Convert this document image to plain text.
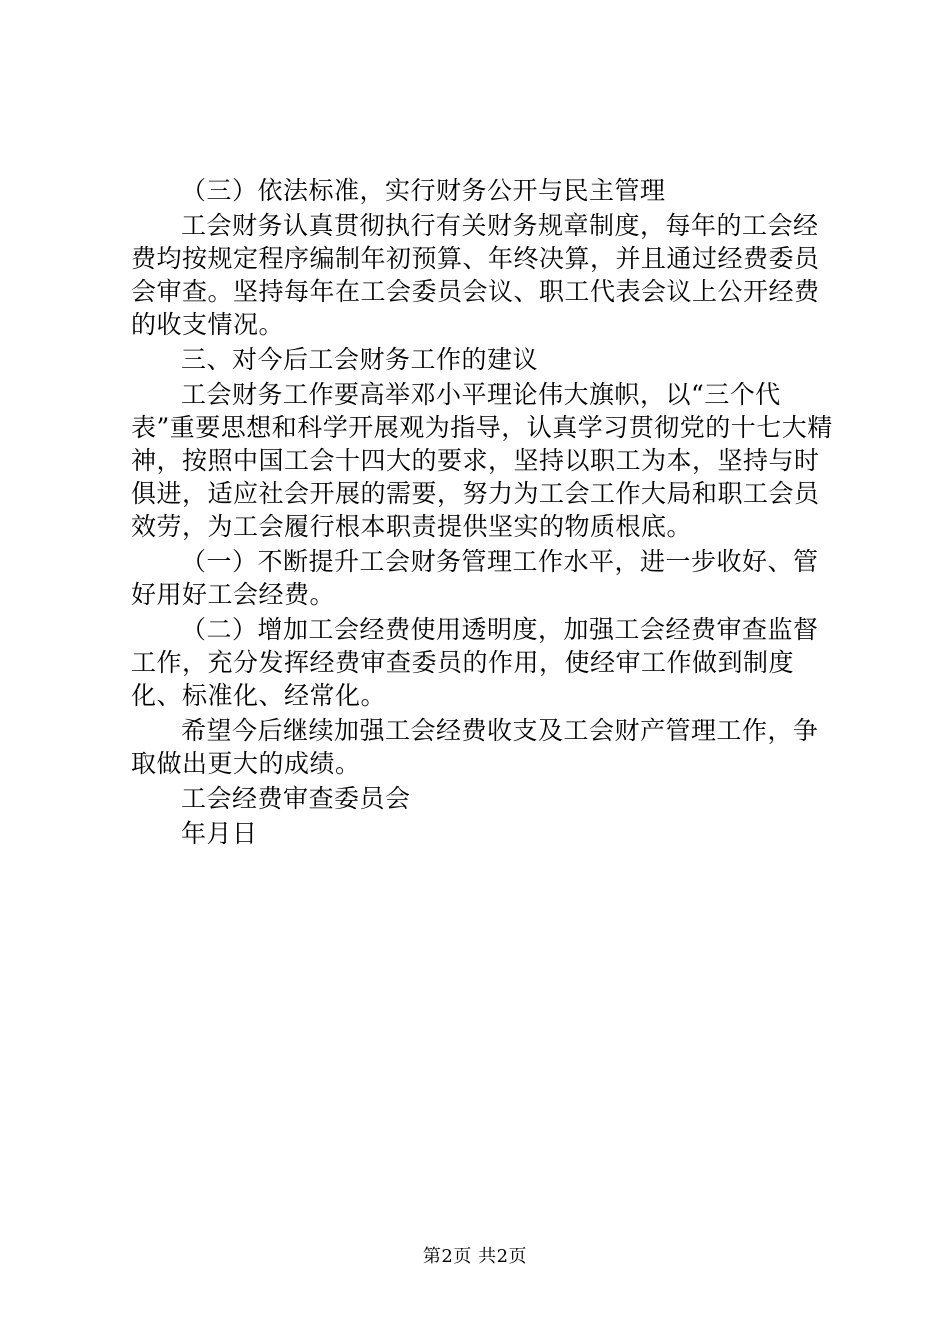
（三）依法标准，实行财务公开与民主管理

工会财务认真贯彻执行有关财务规章制度，每年的工会经费均按规定程序编制年初预算、年终决算，并且通过经费委员会审查。坚持每年在工会委员会议、职工代表会议上公开经费的收支情况。

三、对今后工会财务工作的建议

工会财务工作要高举邓小平理论伟大旗帜，以“三个代表”重要思想和科学开展观为指导，认真学习贯彻党的十七大精神，按照中国工会十四大的要求，坚持以职工为本，坚持与时俱进，适应社会开展的需要，努力为工会工作大局和职工会员效劳，为工会履行根本职责提供坚实的物质根底。

（一）不断提升工会财务管理工作水平，进一步收好、管好用好工会经费。

（二）增加工会经费使用透明度，加强工会经费审查监督工作，充分发挥经费审查委员的作用，使经审工作做到制度化、标准化、经常化。

希望今后继续加强工会经费收支及工会财产管理工作，争取做出更大的成绩。

工会经费审查委员会

年月日

第2页 共2页
